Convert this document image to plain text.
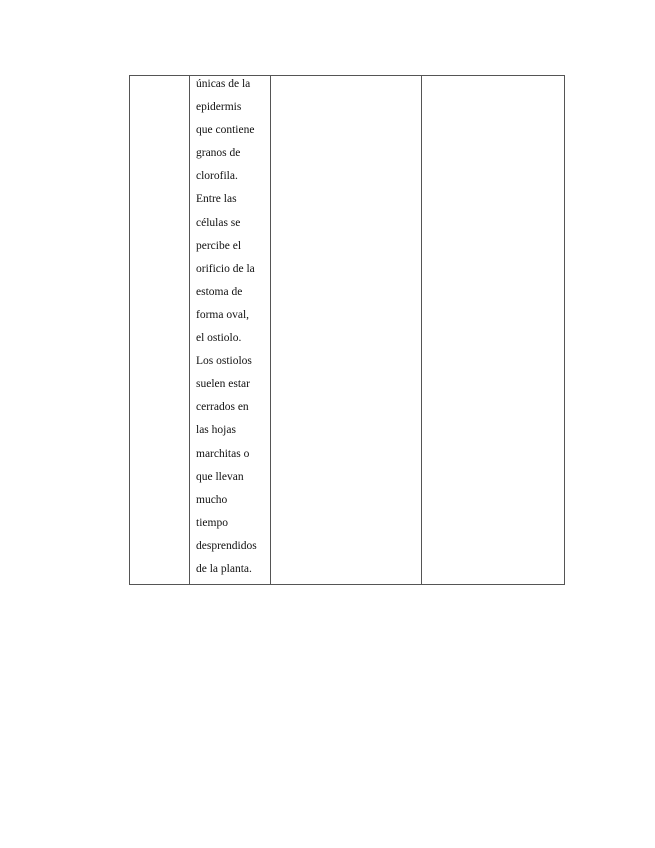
únicas de la
epidermis
que contiene
granos de
clorofila.
Entre las
células se
percibe el
orificio de la
estoma de
forma oval,
el ostiolo.
Los ostiolos
suelen estar
cerrados en
las hojas
marchitas o
que llevan
mucho
tiempo
desprendidos
de la planta.
